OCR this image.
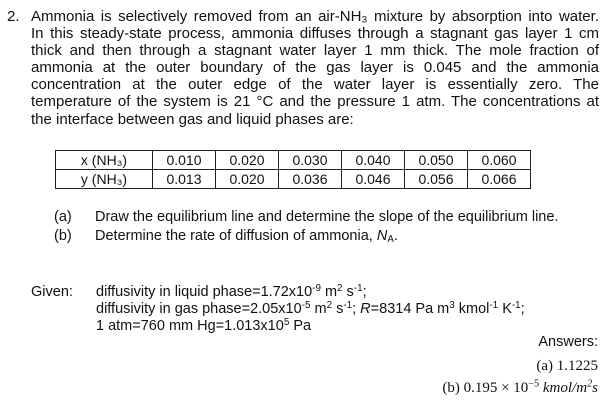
2. Ammonia is selectively removed from an air-NH₃ mixture by absorption into water.
In this steady-state process, ammonia diffuses through a stagnant gas layer 1 cm
thick and then through a stagnant water layer 1 mm thick. The mole fraction of
ammonia at the outer boundary of the gas layer is 0.045 and the ammonia
concentration at the outer edge of the water layer is essentially zero. The
temperature of the system is 21 °C and the pressure 1 atm. The concentrations at
the interface between gas and liquid phases are:
x (NH₃)	0.010	0.020	0.030	0.040	0.050	0.060
y (NH₃)	0.013	0.020	0.036	0.046	0.056	0.066
(a)	Draw the equilibrium line and determine the slope of the equilibrium line.
(b)	Determine the rate of diffusion of ammonia, $N_A$.
Given:	diffusivity in liquid $phase=1.72x10^{-9}$ $m^2$ $s^{-1}$;
diffusivity in gas $phase=2.05x10^{-5}$ $m^2$ $s^{-1}$; R=8314 Pa $m^3$ kmol$^{-1}$ $K^{-1}$;
1 atm=760 mm $Hg=1.013x10^5$ Pa
Answers:
(a) 1.1225
(b) $0.195 \times 10^{-5}$ kmol/$m^2s$
